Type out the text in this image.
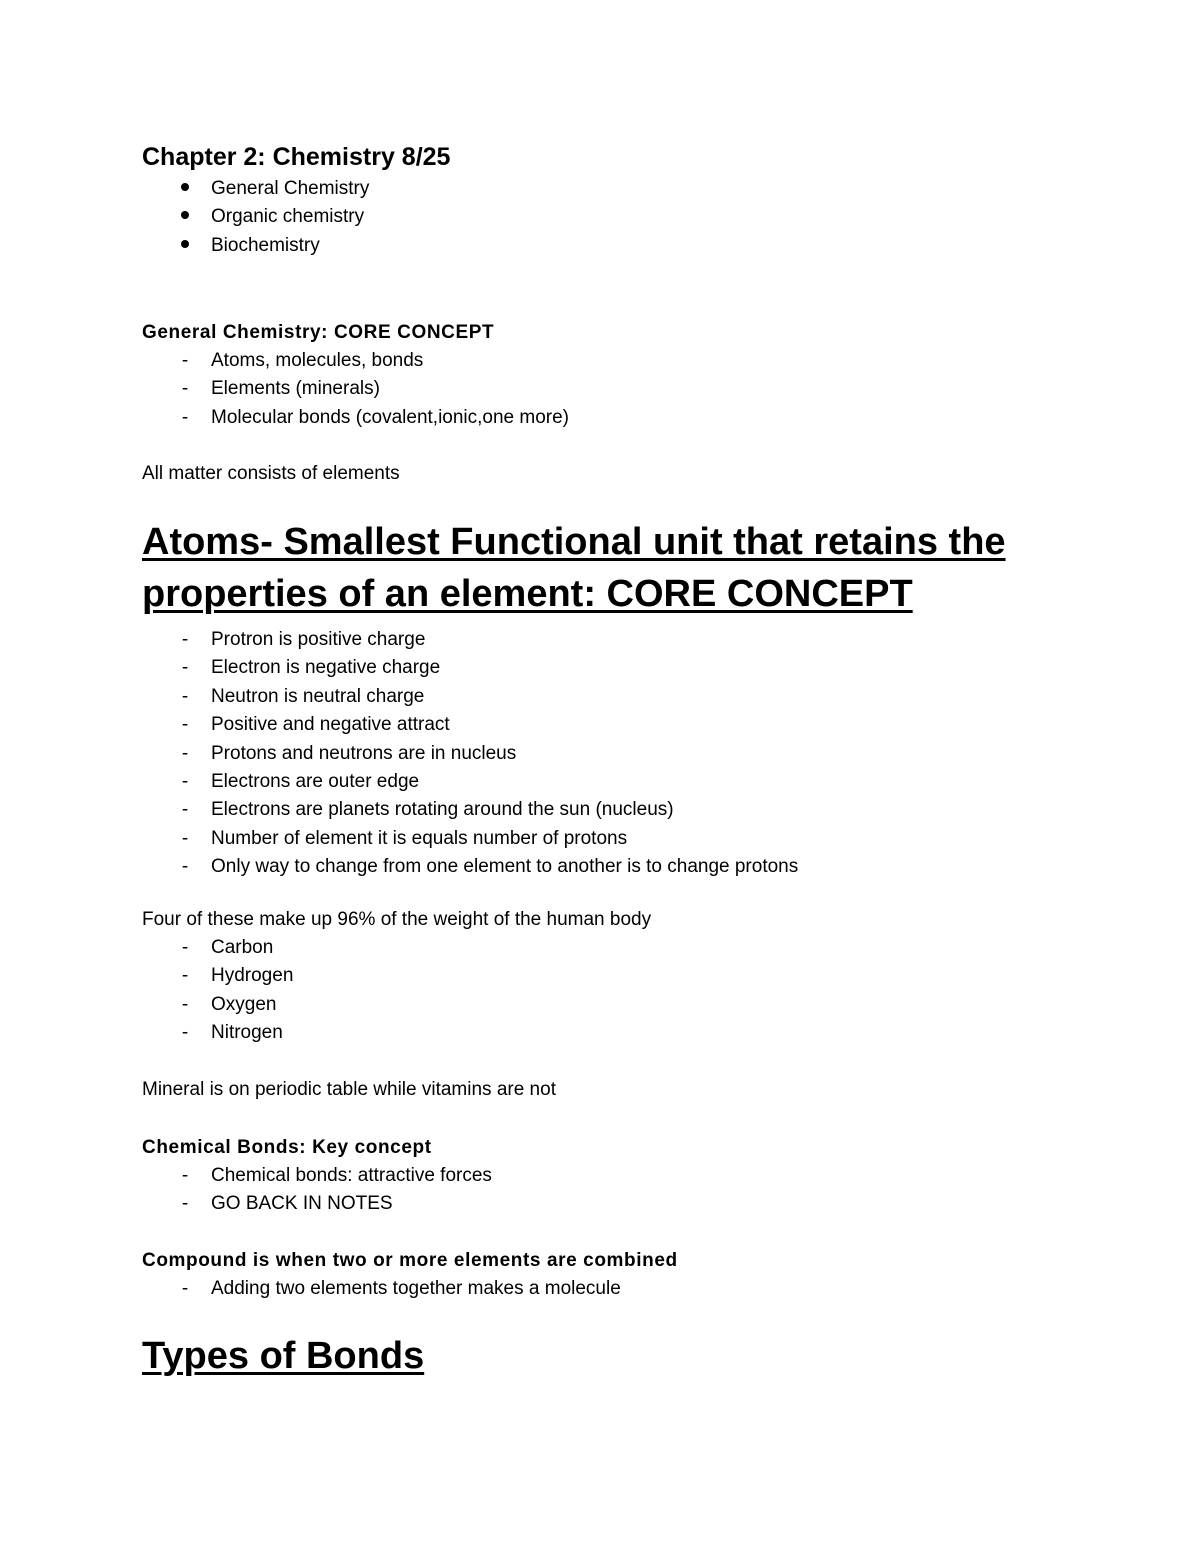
Chapter 2: Chemistry 8/25
General Chemistry
Organic chemistry
Biochemistry
General Chemistry: CORE CONCEPT
-	Atoms, molecules, bonds
-	Elements (minerals)
-	Molecular bonds (covalent,ionic,one more)

All matter consists of elements

Atoms- Smallest Functional unit that retains the
properties of an element: CORE CONCEPT
-	Protron is positive charge
-	Electron is negative charge
-	Neutron is neutral charge
-	Positive and negative attract
-	Protons and neutrons are in nucleus
-	Electrons are outer edge
-	Electrons are planets rotating around the sun (nucleus)
-	Number of element it is equals number of protons
-	Only way to change from one element to another is to change protons

Four of these make up 96% of the weight of the human body

-	Carbon
-	Hydrogen
-	Oxygen
-	Nitrogen

Mineral is on periodic table while vitamins are not

Chemical Bonds: Key concept
-	Chemical bonds: attractive forces
-	GO BACK IN NOTES
Compound is when two or more elements are combined
-	Adding two elements together makes a molecule
Types of Bonds
